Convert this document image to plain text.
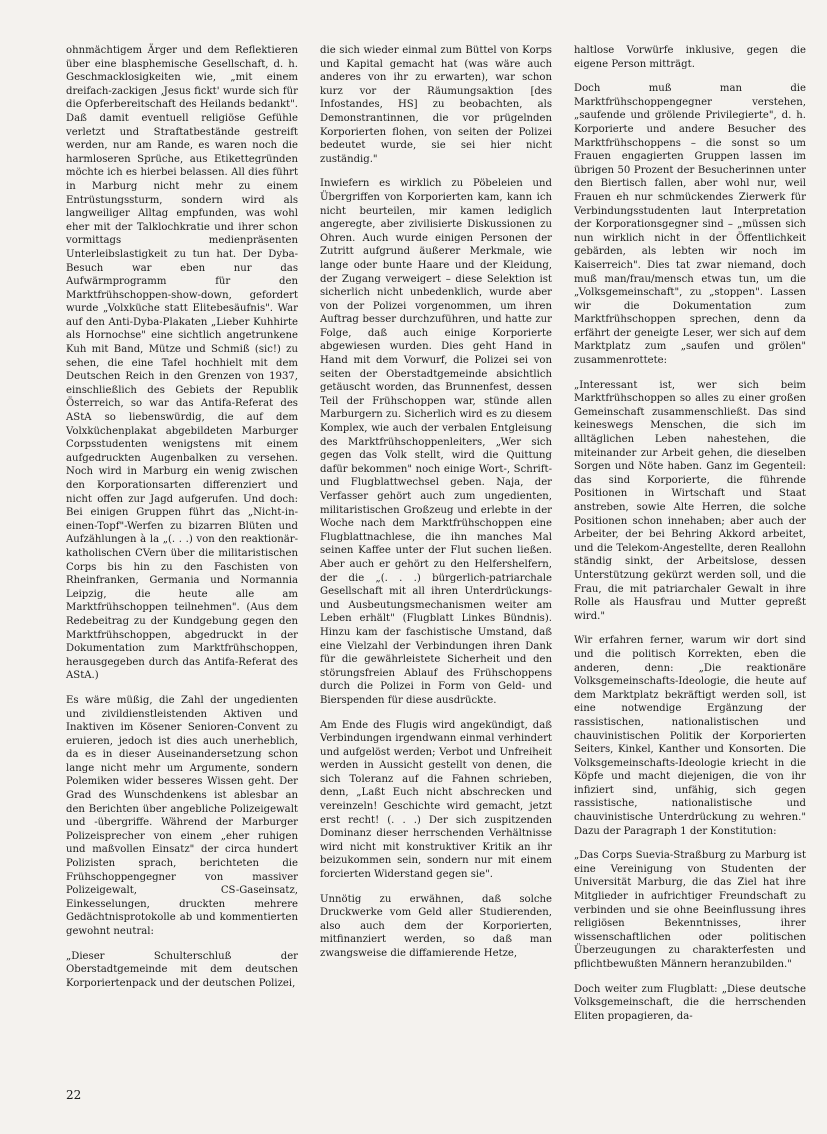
ohnmächtigem Ärger und dem Reflektieren über eine blasphemische Gesellschaft, d. h. Geschmacklosigkeiten wie, „mit einem dreifach-zackigen ‚Jesus fickt' wurde sich für die Opferbereitschaft des Heilands bedankt". Daß damit eventuell religiöse Gefühle verletzt und Straftatbestände gestreift werden, nur am Rande, es waren noch die harmloseren Sprüche, aus Etikettegründen möchte ich es hierbei belassen. All dies führt in Marburg nicht mehr zu einem Entrüstungssturm, sondern wird als langweiliger Alltag empfunden, was wohl eher mit der Talklochkratie und ihrer schon vormittags medienpräsenten Unterleibslastigkeit zu tun hat. Der Dyba-Besuch war eben nur das Aufwärmprogramm für den Marktfrühschoppen-show-down, gefordert wurde „Volxküche statt Elitebesäufnis". War auf den Anti-Dyba-Plakaten „Lieber Kuhhirte als Hornochse" eine sichtlich angetrunkene Kuh mit Band, Mütze und Schmiß (sic!) zu sehen, die eine Tafel hochhielt mit dem Deutschen Reich in den Grenzen von 1937, einschließlich des Gebiets der Republik Österreich, so war das Antifa-Referat des AStA so liebenswürdig, die auf dem Volxküchenplakat abgebildeten Marburger Corpsstudenten wenigstens mit einem aufgedruckten Augenbalken zu versehen. Noch wird in Marburg ein wenig zwischen den Korporationsarten differenziert und nicht offen zur Jagd aufgerufen. Und doch: Bei einigen Gruppen führt das „Nicht-in-einen-Topf"-Werfen zu bizarren Blüten und Aufzählungen à la „(. . .) von den reaktionär-katholischen CVern über die militaristischen Corps bis hin zu den Faschisten von Rheinfranken, Germania und Normannia Leipzig, die heute alle am Marktfrühschoppen teilnehmen". (Aus dem Redebeitrag zu der Kundgebung gegen den Marktfrühschoppen, abgedruckt in der Dokumentation zum Marktfrühschoppen, herausgegeben durch das Antifa-Referat des AStA.)

Es wäre müßig, die Zahl der ungedienten und zivildienstleistenden Aktiven und Inaktiven im Kösener Senioren-Convent zu eruieren, jedoch ist dies auch unerheblich, da es in dieser Auseinandersetzung schon lange nicht mehr um Argumente, sondern Polemiken wider besseres Wissen geht. Der Grad des Wunschdenkens ist ablesbar an den Berichten über angebliche Polizeigewalt und -übergriffe. Während der Marburger Polizeisprecher von einem „eher ruhigen und maßvollen Einsatz" der circa hundert Polizisten sprach, berichteten die Frühschoppengegner von massiver Polizeigewalt, CS-Gaseinsatz, Einkesselungen, druckten mehrere Gedächtnisprotokolle ab und kommentierten gewohnt neutral:

„Dieser Schulterschluß der Oberstadtgemeinde mit dem deutschen Korporiertenpack und der deutschen Polizei,

die sich wieder einmal zum Büttel von Korps und Kapital gemacht hat (was wäre auch anderes von ihr zu erwarten), war schon kurz vor der Räumungsaktion [des Infostandes, HS] zu beobachten, als Demonstrantinnen, die vor prügelnden Korporierten flohen, von seiten der Polizei bedeutet wurde, sie sei hier nicht zuständig."

Inwiefern es wirklich zu Pöbeleien und Übergriffen von Korporierten kam, kann ich nicht beurteilen, mir kamen lediglich angeregte, aber zivilisierte Diskussionen zu Ohren. Auch wurde einigen Personen der Zutritt aufgrund äußerer Merkmale, wie lange oder bunte Haare und der Kleidung, der Zugang verweigert – diese Selektion ist sicherlich nicht unbedenklich, wurde aber von der Polizei vorgenommen, um ihren Auftrag besser durchzuführen, und hatte zur Folge, daß auch einige Korporierte abgewiesen wurden. Dies geht Hand in Hand mit dem Vorwurf, die Polizei sei von seiten der Oberstadtgemeinde absichtlich getäuscht worden, das Brunnenfest, dessen Teil der Frühschoppen war, stünde allen Marburgern zu. Sicherlich wird es zu diesem Komplex, wie auch der verbalen Entgleisung des Marktfrühschoppenleiters, „Wer sich gegen das Volk stellt, wird die Quittung dafür bekommen" noch einige Wort-, Schrift- und Flugblattwechsel geben. Naja, der Verfasser gehört auch zum ungedienten, militaristischen Großzeug und erlebte in der Woche nach dem Marktfrühschoppen eine Flugblattnachlese, die ihn manches Mal seinen Kaffee unter der Flut suchen ließen. Aber auch er gehört zu den Helfershelfern, der die „(. . .) bürgerlich-patriarchale Gesellschaft mit all ihren Unterdrückungs- und Ausbeutungsmechanismen weiter am Leben erhält" (Flugblatt Linkes Bündnis). Hinzu kam der faschistische Umstand, daß eine Vielzahl der Verbindungen ihren Dank für die gewährleistete Sicherheit und den störungsfreien Ablauf des Frühschoppens durch die Polizei in Form von Geld- und Bierspenden für diese ausdrückte.

Am Ende des Flugis wird angekündigt, daß Verbindungen irgendwann einmal verhindert und aufgelöst werden; Verbot und Unfreiheit werden in Aussicht gestellt von denen, die sich Toleranz auf die Fahnen schrieben, denn, „Laßt Euch nicht abschrecken und vereinzeln! Geschichte wird gemacht, jetzt erst recht! (. . .) Der sich zuspitzenden Dominanz dieser herrschenden Verhältnisse wird nicht mit konstruktiver Kritik an ihr beizukommen sein, sondern nur mit einem forcierten Widerstand gegen sie".

Unnötig zu erwähnen, daß solche Druckwerke vom Geld aller Studierenden, also auch dem der Korporierten, mitfinanziert werden, so daß man zwangsweise die diffamierende Hetze,

haltlose Vorwürfe inklusive, gegen die eigene Person mitträgt.

Doch muß man die Marktfrühschoppengegner verstehen, „saufende und grölende Privilegierte", d. h. Korporierte und andere Besucher des Marktfrühschoppens – die sonst so um Frauen engagierten Gruppen lassen im übrigen 50 Prozent der Besucherinnen unter den Biertisch fallen, aber wohl nur, weil Frauen eh nur schmückendes Zierwerk für Verbindungsstudenten laut Interpretation der Korporationsgegner sind – „müssen sich nun wirklich nicht in der Öffentlichkeit gebärden, als lebten wir noch im Kaiserreich". Dies tat zwar niemand, doch muß man/frau/mensch etwas tun, um die „Volksgemeinschaft", zu „stoppen". Lassen wir die Dokumentation zum Marktfrühschoppen sprechen, denn da erfährt der geneigte Leser, wer sich auf dem Marktplatz zum „saufen und grölen" zusammenrottete:

„Interessant ist, wer sich beim Marktfrühschoppen so alles zu einer großen Gemeinschaft zusammenschließt. Das sind keineswegs Menschen, die sich im alltäglichen Leben nahestehen, die miteinander zur Arbeit gehen, die dieselben Sorgen und Nöte haben. Ganz im Gegenteil: das sind Korporierte, die führende Positionen in Wirtschaft und Staat anstreben, sowie Alte Herren, die solche Positionen schon innehaben; aber auch der Arbeiter, der bei Behring Akkord arbeitet, und die Telekom-Angestellte, deren Reallohn ständig sinkt, der Arbeitslose, dessen Unterstützung gekürzt werden soll, und die Frau, die mit patriarchaler Gewalt in ihre Rolle als Hausfrau und Mutter gepreßt wird."

Wir erfahren ferner, warum wir dort sind und die politisch Korrekten, eben die anderen, denn: „Die reaktionäre Volksgemeinschafts-Ideologie, die heute auf dem Marktplatz bekräftigt werden soll, ist eine notwendige Ergänzung der rassistischen, nationalistischen und chauvinistischen Politik der Korporierten Seiters, Kinkel, Kanther und Konsorten. Die Volksgemeinschafts-Ideologie kriecht in die Köpfe und macht diejenigen, die von ihr infiziert sind, unfähig, sich gegen rassistische, nationalistische und chauvinistische Unterdrückung zu wehren." Dazu der Paragraph 1 der Konstitution:

„Das Corps Suevia-Straßburg zu Marburg ist eine Vereinigung von Studenten der Universität Marburg, die das Ziel hat ihre Mitglieder in aufrichtiger Freundschaft zu verbinden und sie ohne Beeinflussung ihres religiösen Bekenntnisses, ihrer wissenschaftlichen oder politischen Überzeugungen zu charakterfesten und pflichtbewußten Männern heranzubilden."

Doch weiter zum Flugblatt: „Diese deutsche Volksgemeinschaft, die die herrschenden Eliten propagieren, da-

22
